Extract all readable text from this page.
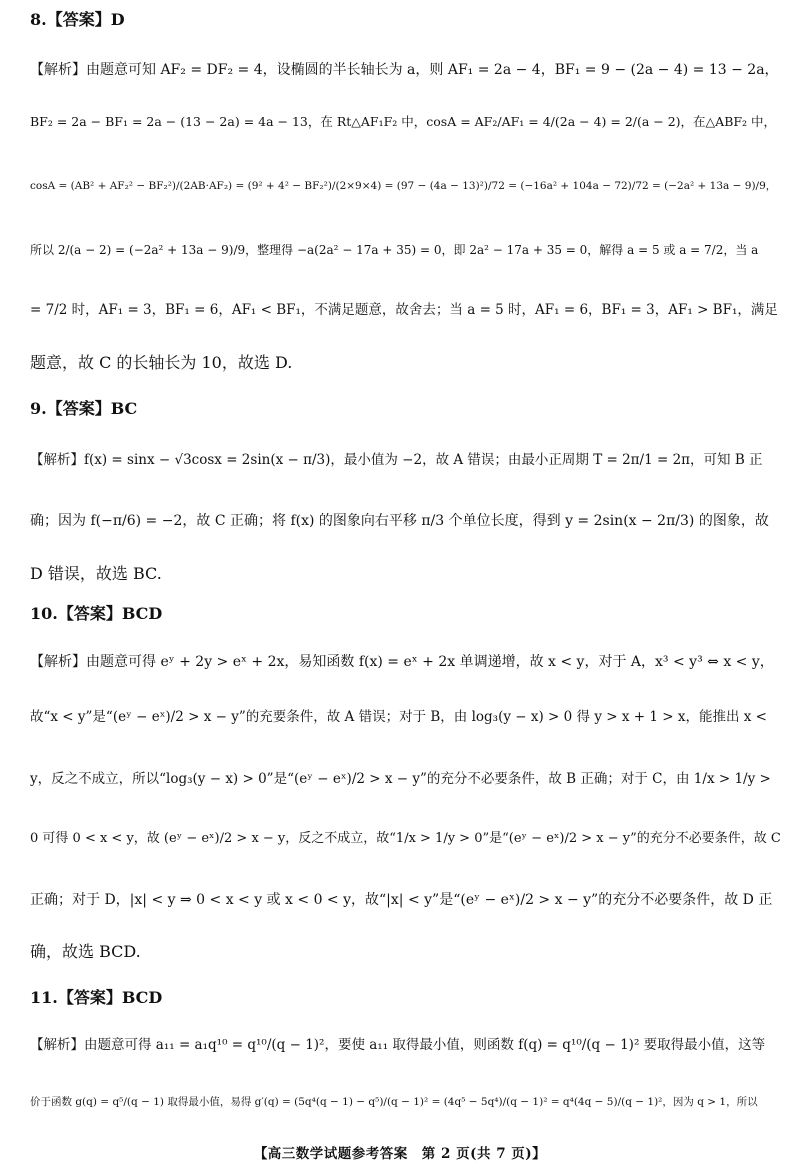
8.【答案】D
【解析】由题意可知 AF₂ = DF₂ = 4，设椭圆的半长轴长为 a，则 AF₁ = 2a − 4，BF₁ = 9 − (2a − 4) = 13 − 2a，
BF₂ = 2a − BF₁ = 2a − (13 − 2a) = 4a − 13，在 Rt△AF₁F₂ 中，cosA = AF₂/AF₁ = 4/(2a − 4) = 2/(a − 2)，在△ABF₂ 中，
cosA = (AB² + AF₂² − BF₂²)/(2AB·AF₂) = (9² + 4² − BF₂²)/(2×9×4) = (97 − (4a − 13)²)/72 = (−16a² + 104a − 72)/72 = (−2a² + 13a − 9)/9，
所以 2/(a − 2) = (−2a² + 13a − 9)/9，整理得 −a(2a² − 17a + 35) = 0，即 2a² − 17a + 35 = 0，解得 a = 5 或 a = 7/2，当 a
= 7/2 时，AF₁ = 3，BF₁ = 6，AF₁ < BF₁，不满足题意，故舍去；当 a = 5 时，AF₁ = 6，BF₁ = 3，AF₁ > BF₁，满足
题意，故 C 的长轴长为 10，故选 D.
9.【答案】BC
【解析】f(x) = sinx − √3cosx = 2sin(x − π/3)，最小值为 −2，故 A 错误；由最小正周期 T = 2π/1 = 2π，可知 B 正
确；因为 f(−π/6) = −2，故 C 正确；将 f(x) 的图象向右平移 π/3 个单位长度，得到 y = 2sin(x − 2π/3) 的图象，故
D 错误，故选 BC.
10.【答案】BCD
【解析】由题意可得 eʸ + 2y > eˣ + 2x，易知函数 f(x) = eˣ + 2x 单调递增，故 x < y，对于 A，x³ < y³ ⇔ x < y，
故“x < y”是“(eʸ − eˣ)/2 > x − y”的充要条件，故 A 错误；对于 B，由 log₃(y − x) > 0 得 y > x + 1 > x，能推出 x <
y，反之不成立，所以“log₃(y − x) > 0”是“(eʸ − eˣ)/2 > x − y”的充分不必要条件，故 B 正确；对于 C，由 1/x > 1/y >
0 可得 0 < x < y，故 (eʸ − eˣ)/2 > x − y，反之不成立，故“1/x > 1/y > 0”是“(eʸ − eˣ)/2 > x − y”的充分不必要条件，故 C
正确；对于 D，|x| < y ⇒ 0 < x < y 或 x < 0 < y，故“|x| < y”是“(eʸ − eˣ)/2 > x − y”的充分不必要条件，故 D 正
确，故选 BCD.
11.【答案】BCD
【解析】由题意可得 a₁₁ = a₁q¹⁰ = q¹⁰/(q − 1)²，要使 a₁₁ 取得最小值，则函数 f(q) = q¹⁰/(q − 1)² 要取得最小值，这等
价于函数 g(q) = q⁵/(q − 1) 取得最小值，易得 g′(q) = (5q⁴(q − 1) − q⁵)/(q − 1)² = (4q⁵ − 5q⁴)/(q − 1)² = q⁴(4q − 5)/(q − 1)²，因为 q > 1，所以
【高三数学试题参考答案　第 2 页(共 7 页)】
